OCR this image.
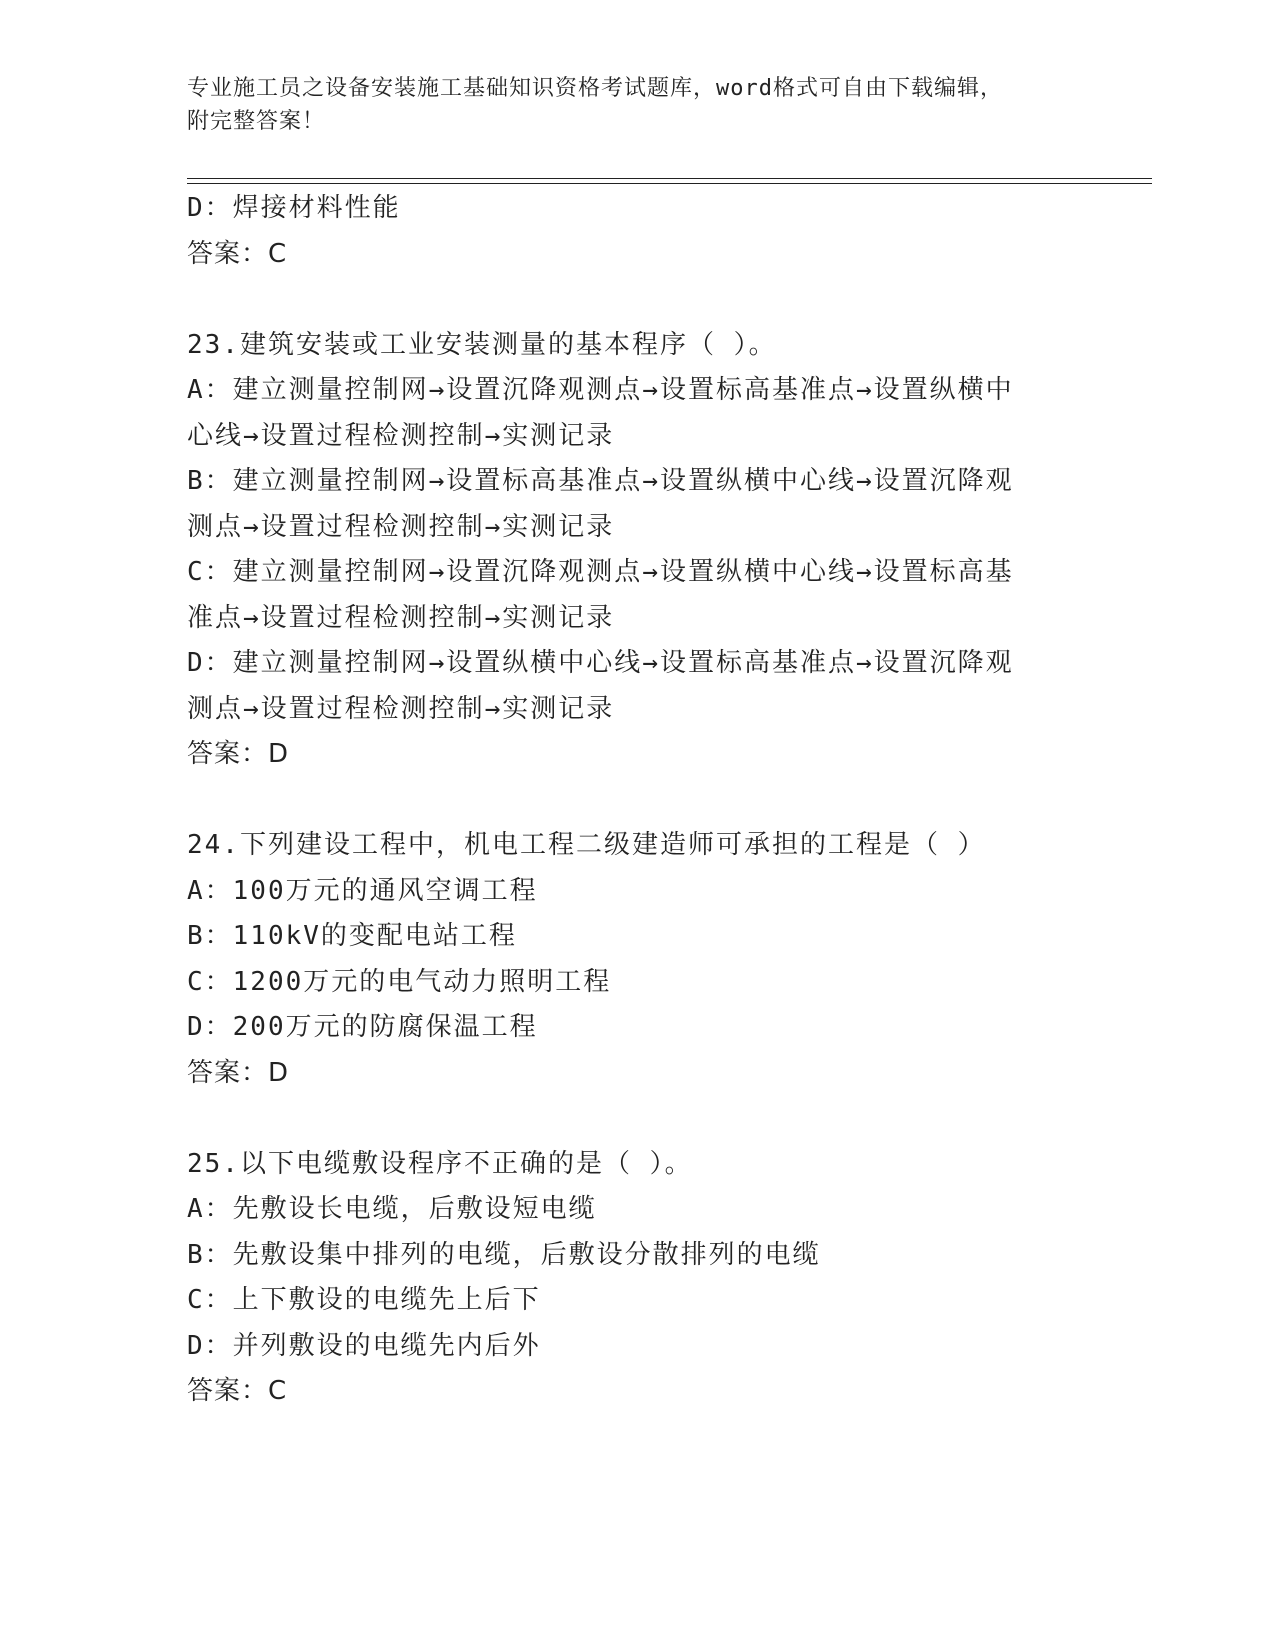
专业施工员之设备安装施工基础知识资格考试题库，word格式可自由下载编辑，
附完整答案！
D：焊接材料性能
答案：C
23.建筑安装或工业安装测量的基本程序（ ）。
A：建立测量控制网→设置沉降观测点→设置标高基准点→设置纵横中
心线→设置过程检测控制→实测记录
B：建立测量控制网→设置标高基准点→设置纵横中心线→设置沉降观
测点→设置过程检测控制→实测记录
C：建立测量控制网→设置沉降观测点→设置纵横中心线→设置标高基
准点→设置过程检测控制→实测记录
D：建立测量控制网→设置纵横中心线→设置标高基准点→设置沉降观
测点→设置过程检测控制→实测记录
答案：D
24.下列建设工程中，机电工程二级建造师可承担的工程是（ ）
A：100万元的通风空调工程
B：110kV的变配电站工程
C：1200万元的电气动力照明工程
D：200万元的防腐保温工程
答案：D
25.以下电缆敷设程序不正确的是（ ）。
A：先敷设长电缆，后敷设短电缆
B：先敷设集中排列的电缆，后敷设分散排列的电缆
C：上下敷设的电缆先上后下
D：并列敷设的电缆先内后外
答案：C
